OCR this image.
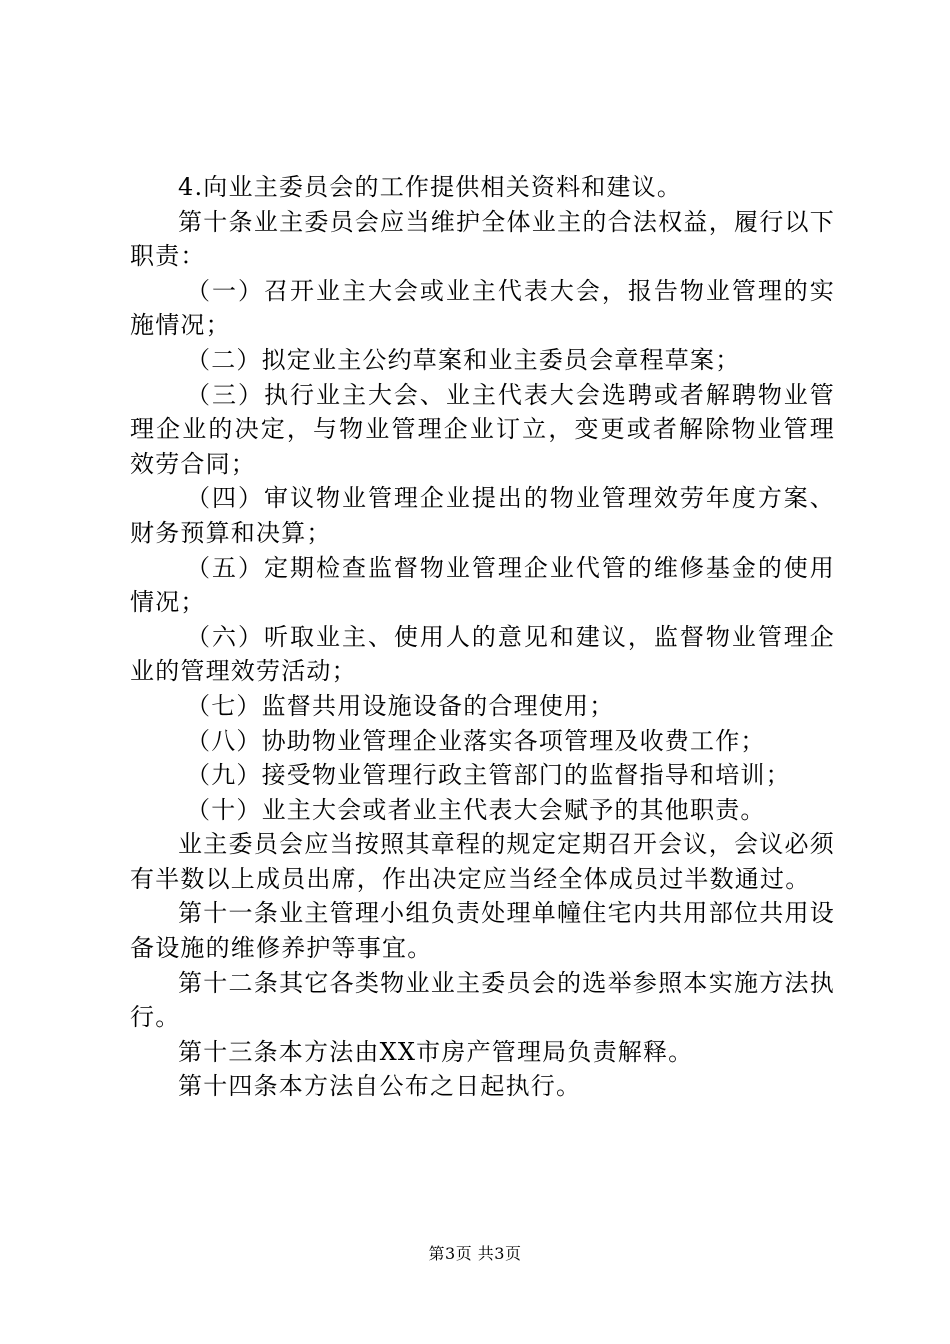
4.向业主委员会的工作提供相关资料和建议。

第十条业主委员会应当维护全体业主的合法权益，履行以下职责：

（一）召开业主大会或业主代表大会，报告物业管理的实施情况；

（二）拟定业主公约草案和业主委员会章程草案；

（三）执行业主大会、业主代表大会选聘或者解聘物业管理企业的决定，与物业管理企业订立，变更或者解除物业管理效劳合同；

（四）审议物业管理企业提出的物业管理效劳年度方案、财务预算和决算；

（五）定期检查监督物业管理企业代管的维修基金的使用情况；

（六）听取业主、使用人的意见和建议，监督物业管理企业的管理效劳活动；

（七）监督共用设施设备的合理使用；

（八）协助物业管理企业落实各项管理及收费工作；

（九）接受物业管理行政主管部门的监督指导和培训；

（十）业主大会或者业主代表大会赋予的其他职责。

业主委员会应当按照其章程的规定定期召开会议，会议必须有半数以上成员出席，作出决定应当经全体成员过半数通过。

第十一条业主管理小组负责处理单幢住宅内共用部位共用设备设施的维修养护等事宜。

第十二条其它各类物业业主委员会的选举参照本实施方法执行。

第十三条本方法由XX市房产管理局负责解释。

第十四条本方法自公布之日起执行。

第3页 共3页
